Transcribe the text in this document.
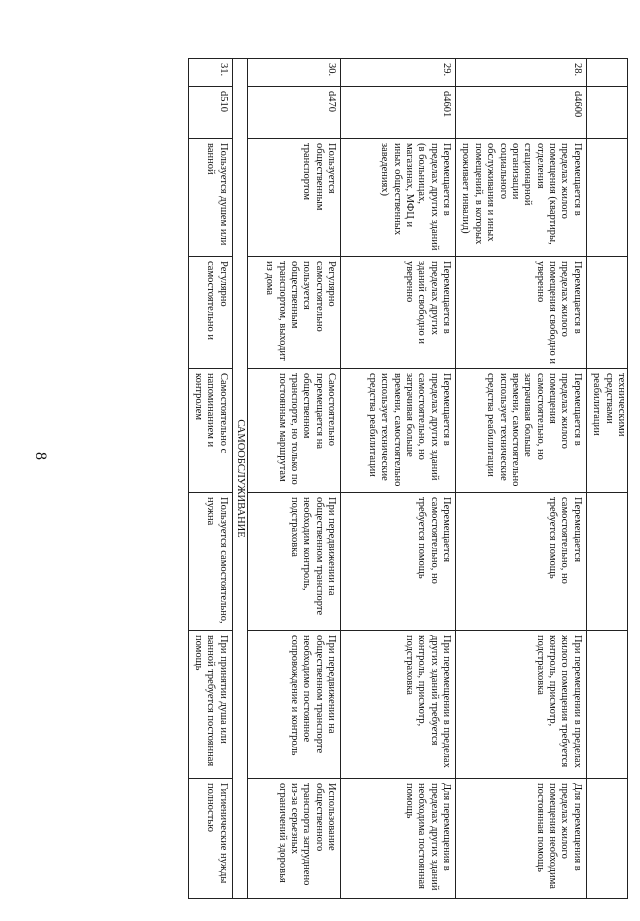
8
				техническими средствами реабилитации			
28.	d4600	Перемещается в пределах жилого помещения (квартиры, отделения стационарной организации социального обслуживания и иных помещений, в которых проживает инвалид)	Перемещается в пределах жилого помещения свободно и уверенно	Перемещается в пределах жилого помещения самостоятельно, но затрачивая больше времени, самостоятельно использует технические средства реабилитации	Перемещается самостоятельно, но требуется помощь	При перемещении в пределах жилого помещения требуется контроль, присмотр, подстраховка	Для перемещения в пределах жилого помещения необходима постоянная помощь
29.	d4601	Перемещается в пределах других зданий (в больницах, магазинах, МФЦ и иных общественных заведениях)	Перемещается в пределах других зданий свободно и уверенно	Перемещается в пределах других зданий самостоятельно, но затрачивая больше времени, самостоятельно использует технические средства реабилитации	Перемещается самостоятельно, но требуется помощь	При перемещении в пределах других зданий требуется контроль, присмотр, подстраховка	Для перемещения в пределах других зданий необходима постоянная помощь
30.	d470	Пользуется общественным транспортом	Регулярно самостоятельно пользуется общественным транспортом, выходит из дома	Самостоятельно перемещается на общественном транспорте, но только по постоянным маршрутам	При передвижении на общественном транспорте необходим контроль, подстраховка	При передвижении на общественном транспорте необходимо постоянное сопровождение и контроль	Использование общественного транспорта затруднено из-за серьезных ограничений здоровья
САМООБСЛУЖИВАНИЕ							
31.	d510	Пользуется душем или ванной	Регулярно самостоятельно и	Самостоятельно с напоминанием и контролем	Пользуется самостоятельно, нужна	При принятии душа или ванной требуется постоянная помощь	Гигиенические нужды полностью
